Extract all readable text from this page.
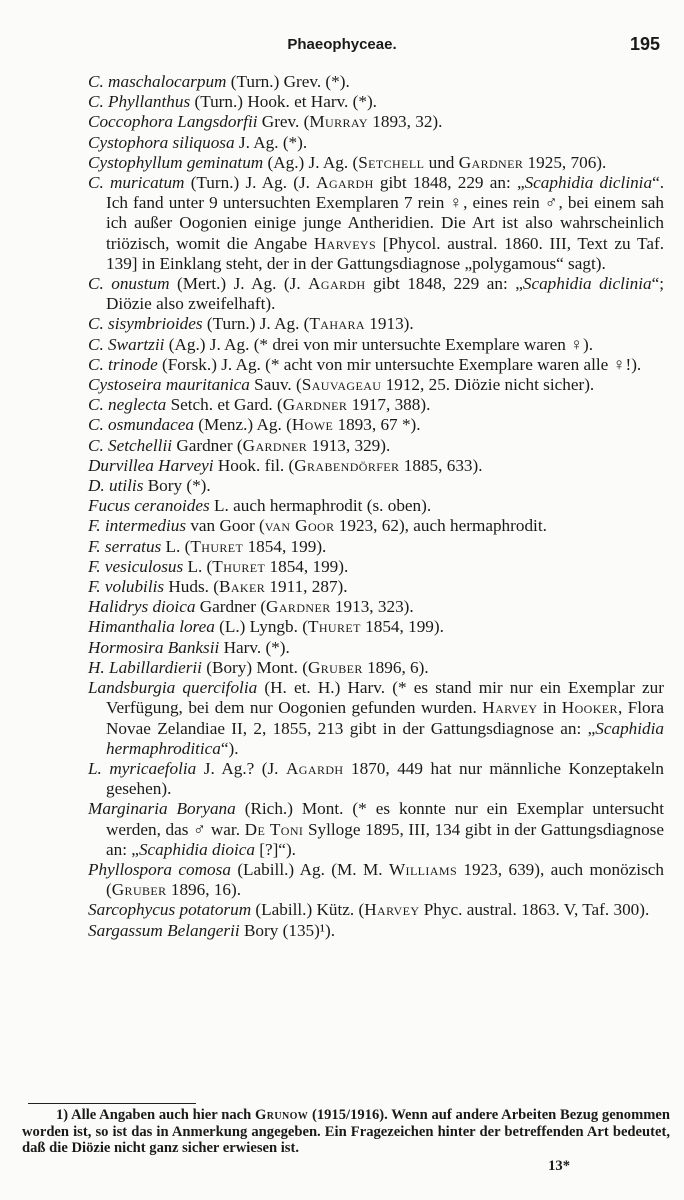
Phaeophyceae.	195
C. maschalocarpum (Turn.) Grev. (*).
C. Phyllanthus (Turn.) Hook. et Harv. (*).
Coccophora Langsdorfii Grev. (Murray 1893, 32).
Cystophora siliquosa J. Ag. (*).
Cystophyllum geminatum (Ag.) J. Ag. (Setchell und Gardner 1925, 706).
C. muricatum (Turn.) J. Ag. (J. Agardh gibt 1848, 229 an: „Scaphidia diclinia“. Ich fand unter 9 untersuchten Exemplaren 7 rein ♀, eines rein ♂, bei einem sah ich außer Oogonien einige junge Antheridien. Die Art ist also wahrscheinlich triözisch, womit die Angabe Harveys [Phycol. austral. 1860. III, Text zu Taf. 139] in Einklang steht, der in der Gattungsdiagnose „polygamous“ sagt).
C. onustum (Mert.) J. Ag. (J. Agardh gibt 1848, 229 an: „Scaphidia diclinia“; Diözie also zweifelhaft).
C. sisymbrioides (Turn.) J. Ag. (Tahara 1913).
C. Swartzii (Ag.) J. Ag. (* drei von mir untersuchte Exemplare waren ♀).
C. trinode (Forsk.) J. Ag. (* acht von mir untersuchte Exemplare waren alle ♀!).
Cystoseira mauritanica Sauv. (Sauvageau 1912, 25. Diözie nicht sicher).
C. neglecta Setch. et Gard. (Gardner 1917, 388).
C. osmundacea (Menz.) Ag. (Howe 1893, 67 *).
C. Setchellii Gardner (Gardner 1913, 329).
Durvillea Harveyi Hook. fil. (Grabendörfer 1885, 633).
D. utilis Bory (*).
Fucus ceranoides L. auch hermaphrodit (s. oben).
F. intermedius van Goor (van Goor 1923, 62), auch hermaphrodit.
F. serratus L. (Thuret 1854, 199).
F. vesiculosus L. (Thuret 1854, 199).
F. volubilis Huds. (Baker 1911, 287).
Halidrys dioica Gardner (Gardner 1913, 323).
Himanthalia lorea (L.) Lyngb. (Thuret 1854, 199).
Hormosira Banksii Harv. (*).
H. Labillardierii (Bory) Mont. (Gruber 1896, 6).
Landsburgia quercifolia (H. et. H.) Harv. (* es stand mir nur ein Exemplar zur Verfügung, bei dem nur Oogonien gefunden wurden. Harvey in Hooker, Flora Novae Zelandiae II, 2, 1855, 213 gibt in der Gattungsdiagnose an: „Scaphidia hermaphroditica“).
L. myricaefolia J. Ag.? (J. Agardh 1870, 449 hat nur männliche Konzeptakeln gesehen).
Marginaria Boryana (Rich.) Mont. (* es konnte nur ein Exemplar untersucht werden, das ♂ war. De Toni Sylloge 1895, III, 134 gibt in der Gattungsdiagnose an: „Scaphidia dioica [?]“).
Phyllospora comosa (Labill.) Ag. (M. M. Williams 1923, 639), auch monözisch (Gruber 1896, 16).
Sarcophycus potatorum (Labill.) Kütz. (Harvey Phyc. austral. 1863. V, Taf. 300).
Sargassum Belangerii Bory (135)¹).
1) Alle Angaben auch hier nach Grunow (1915/1916). Wenn auf andere Arbeiten Bezug genommen worden ist, so ist das in Anmerkung angegeben. Ein Fragezeichen hinter der betreffenden Art bedeutet, daß die Diözie nicht ganz sicher erwiesen ist.
13*
